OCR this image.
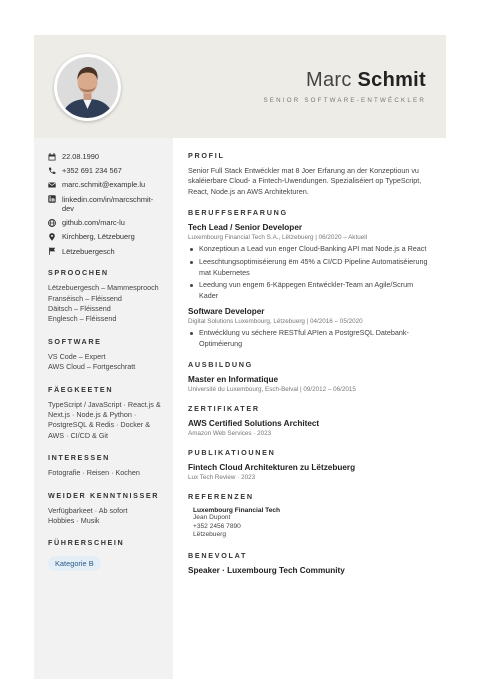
Marc Schmit
SENIOR SOFTWARE-ENTWÉCKLER
22.08.1990
+352 691 234 567
marc.schmit@example.lu
linkedin.com/in/marcschmit-dev
github.com/marc-lu
Kirchberg, Lëtzebuerg
Lëtzebuergesch
SPROOCHEN
Lëtzebuergesch – Mammesprooch
Franséisch – Fléissend
Däitsch – Fléissend
Englesch – Fléissend
SOFTWARE
VS Code – Expert
AWS Cloud – Fortgeschratt
FÄEGKEETEN
TypeScript / JavaScript · React.js & Next.js · Node.js & Python · PostgreSQL & Redis · Docker & AWS · CI/CD & Git
INTERESSEN
Fotografie · Reisen · Kochen
WEIDER KENNTNISSER
Verfügbarkeet · Ab sofort
Hobbies · Musik
FÜHRERSCHEIN
Kategorie B
PROFIL
Senior Full Stack Entwéckler mat 8 Joer Erfarung an der Konzeptioun vu skaléierbare Cloud- a Fintech-Uwendungen. Spezialiséiert op TypeScript, React, Node.js an AWS Architekturen.
BERUFFSERFARUNG
Tech Lead / Senior Developer
Luxembourg Financial Tech S.A., Lëtzebuerg | 06/2020 – Aktuell
Konzeptioun a Lead vun enger Cloud-Banking API mat Node.js a React
Leeschtungsoptimiséierung ëm 45% a CI/CD Pipeline Automatiséierung mat Kubernetes
Leedung vun engem 6-Käppegen Entwéckler-Team an Agile/Scrum Kader
Software Developer
Digital Solutions Luxembourg, Lëtzebuerg | 04/2016 – 05/2020
Entwécklung vu sécherе RESTful APIen a PostgreSQL Datebank-Optiméierung
AUSBILDUNG
Master en Informatique
Université du Luxembourg, Esch-Belval | 09/2012 – 06/2015
ZERTIFIKATER
AWS Certified Solutions Architect
Amazon Web Services · 2023
PUBLIKATIOUNEN
Fintech Cloud Architekturen zu Lëtzebuerg
Lux Tech Review · 2023
REFERENZEN
Luxembourg Financial Tech
Jean Dupont
+352 2456 7890
Lëtzebuerg
BENEVOLAT
Speaker · Luxembourg Tech Community
